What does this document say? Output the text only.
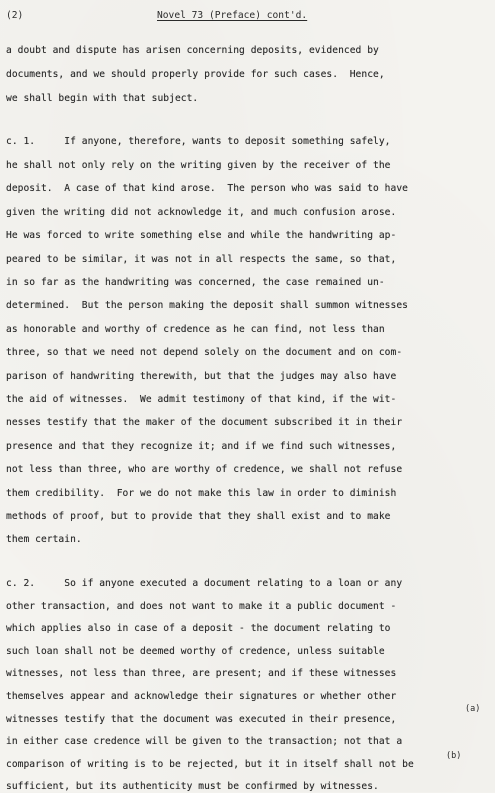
(2)	Novel 73 (Preface) cont'd.
a doubt and dispute has arisen concerning deposits, evidenced by
documents, and we should properly provide for such cases.  Hence,
we shall begin with that subject.
c. 1.     If anyone, therefore, wants to deposit something safely,
he shall not only rely on the writing given by the receiver of the
deposit.  A case of that kind arose.  The person who was said to have
given the writing did not acknowledge it, and much confusion arose.
He was forced to write something else and while the handwriting ap-
peared to be similar, it was not in all respects the same, so that,
in so far as the handwriting was concerned, the case remained un-
determined.  But the person making the deposit shall summon witnesses
as honorable and worthy of credence as he can find, not less than
three, so that we need not depend solely on the document and on com-
parison of handwriting therewith, but that the judges may also have
the aid of witnesses.  We admit testimony of that kind, if the wit-
nesses testify that the maker of the document subscribed it in their
presence and that they recognize it; and if we find such witnesses,
not less than three, who are worthy of credence, we shall not refuse
them credibility.  For we do not make this law in order to diminish
methods of proof, but to provide that they shall exist and to make
them certain.
c. 2.     So if anyone executed a document relating to a loan or any
other transaction, and does not want to make it a public document -
which applies also in case of a deposit - the document relating to
such loan shall not be deemed worthy of credence, unless suitable
witnesses, not less than three, are present; and if these witnesses
themselves appear and acknowledge their signatures or whether other
witnesses testify that the document was executed in their presence,
in either case credence will be given to the transaction; not that a
comparison of writing is to be rejected, but it in itself shall not be
(a)
(b)
sufficient, but its authenticity must be confirmed by witnesses.
